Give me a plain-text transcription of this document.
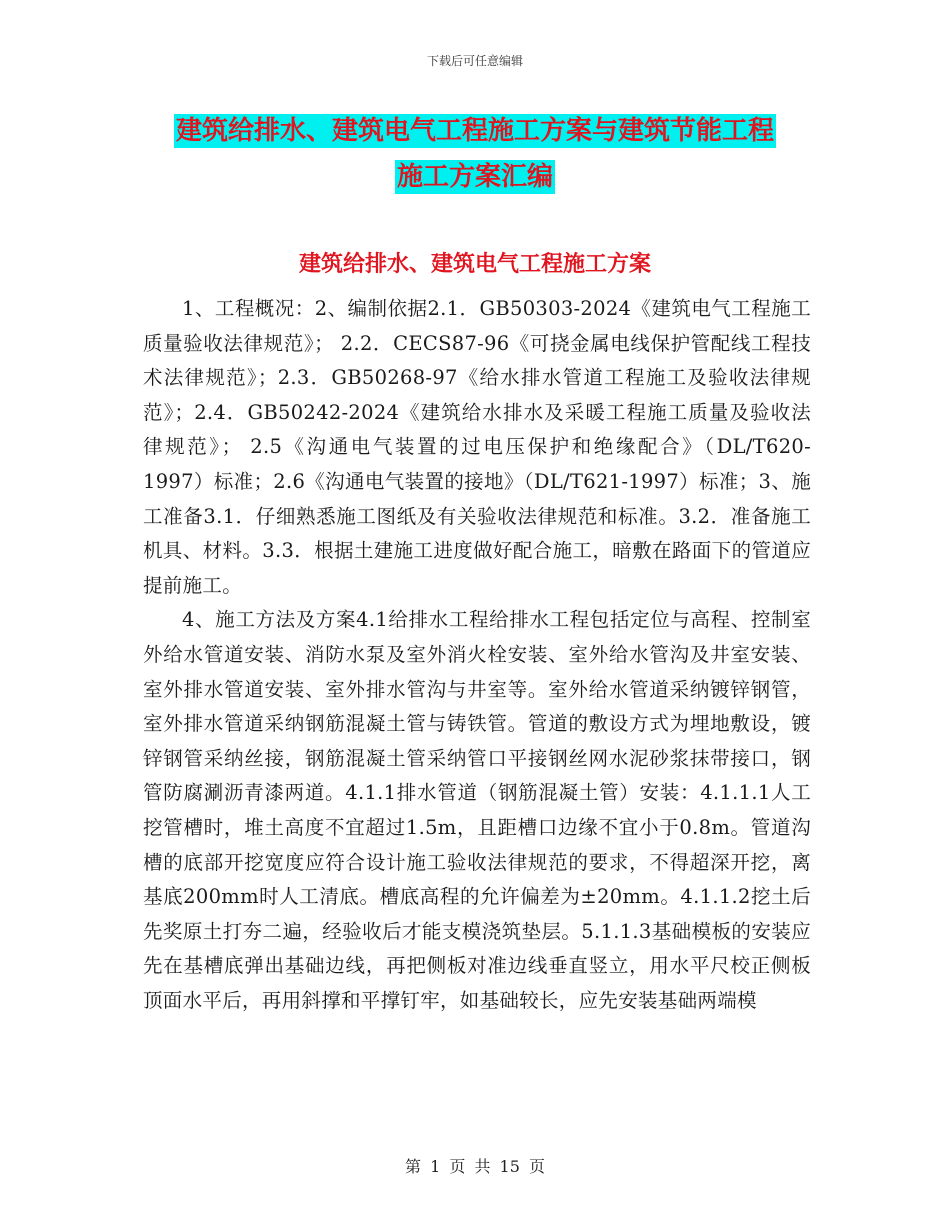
下载后可任意编辑
建筑给排水、建筑电气工程施工方案与建筑节能工程
施工方案汇编
建筑给排水、建筑电气工程施工方案

1、工程概况：2、编制依据2.1．GB50303-2024《建筑电气工程施工质量验收法律规范》； 2.2．CECS87-96《可挠金属电线保护管配线工程技术法律规范》；2.3．GB50268-97《给水排水管道工程施工及验收法律规范》；2.4．GB50242-2024《建筑给水排水及采暖工程施工质量及验收法律规范》； 2.5《沟通电气装置的过电压保护和绝缘配合》（DL/T620-1997）标准；2.6《沟通电气装置的接地》（DL/T621-1997）标准；3、施工准备3.1．仔细熟悉施工图纸及有关验收法律规范和标准。3.2．准备施工机具、材料。3.3．根据土建施工进度做好配合施工，暗敷在路面下的管道应提前施工。

4、施工方法及方案4.1给排水工程给排水工程包括定位与高程、控制室外给水管道安装、消防水泵及室外消火栓安装、室外给水管沟及井室安装、室外排水管道安装、室外排水管沟与井室等。室外给水管道采纳镀锌钢管，室外排水管道采纳钢筋混凝土管与铸铁管。管道的敷设方式为埋地敷设，镀锌钢管采纳丝接，钢筋混凝土管采纳管口平接钢丝网水泥砂浆抹带接口，钢管防腐涮沥青漆两道。4.1.1排水管道（钢筋混凝土管）安装：4.1.1.1人工挖管槽时，堆土高度不宜超过1.5m，且距槽口边缘不宜小于0.8m。管道沟槽的底部开挖宽度应符合设计施工验收法律规范的要求，不得超深开挖，离基底200mm时人工清底。槽底高程的允许偏差为±20mm。4.1.1.2挖土后先奖原土打夯二遍，经验收后才能支模浇筑垫层。5.1.1.3基础模板的安装应先在基槽底弹出基础边线，再把侧板对准边线垂直竖立，用水平尺校正侧板顶面水平后，再用斜撑和平撑钉牢，如基础较长，应先安装基础两端模

第 1 页 共 15 页
